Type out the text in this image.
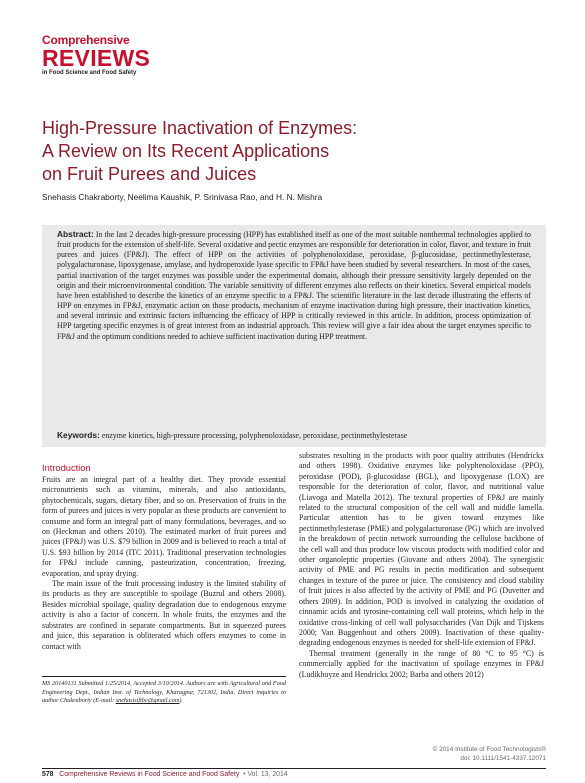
Comprehensive
REVIEWS
in Food Science and Food Safety
High-Pressure Inactivation of Enzymes:
A Review on Its Recent Applications
on Fruit Purees and Juices
Snehasis Chakraborty, Neelima Kaushik, P. Srinivasa Rao, and H. N. Mishra
Abstract: In the last 2 decades high-pressure processing (HPP) has established itself as one of the most suitable nonthermal technologies applied to fruit products for the extension of shelf-life. Several oxidative and pectic enzymes are responsible for deterioration in color, flavor, and texture in fruit purees and juices (FP&J). The effect of HPP on the activities of polyphenoloxidase, peroxidase, β-glucosidase, pectinmethylesterase, polygalacturonase, lipoxygenase, amylase, and hydroperoxide lyase specific to FP&J have been studied by several researchers. In most of the cases, partial inactivation of the target enzymes was possible under the experimental domain, although their pressure sensitivity largely depended on the origin and their microenvironmental condition. The variable sensitivity of different enzymes also reflects on their kinetics. Several empirical models have been established to describe the kinetics of an enzyme specific to a FP&J. The scientific literature in the last decade illustrating the effects of HPP on enzymes in FP&J, enzymatic action on those products, mechanism of enzyme inactivation during high pressure, their inactivation kinetics, and several intrinsic and extrinsic factors influencing the efficacy of HPP is critically reviewed in this article. In addition, process optimization of HPP targeting specific enzymes is of great interest from an industrial approach. This review will give a fair idea about the target enzymes specific to FP&J and the optimum conditions needed to achieve sufficient inactivation during HPP treatment.
Keywords: enzyme kinetics, high-pressure processing, polyphenoloxidase, peroxidase, pectinmethylesterase
Introduction

Fruits are an integral part of a healthy diet. They provide essential micronutrients such as vitamins, minerals, and also antioxidants, phytochemicals, sugars, dietary fiber, and so on. Preservation of fruits in the form of purees and juices is very popular as these products are convenient to consume and form an integral part of many formulations, beverages, and so on (Heckman and others 2010). The estimated market of fruit purees and juices (FP&J) was U.S. $79 billion in 2009 and is believed to reach a total of U.S. $93 billion by 2014 (ITC 2011). Traditional preservation technologies for FP&J include canning, pasteurization, concentration, freezing, evaporation, and spray drying.

The main issue of the fruit processing industry is the limited stability of its products as they are susceptible to spoilage (Buzrul and others 2008). Besides microbial spoilage, quality degradation due to endogenous enzyme activity is also a factor of concern. In whole fruits, the enzymes and the substrates are confined in separate compartments. But in squeezed purees and juice, this separation is obliterated which offers enzymes to come in contact with

substrates resulting in the products with poor quality attributes (Hendrickx and others 1998). Oxidative enzymes like polyphenoloxidase (PPO), peroxidase (POD), β-glucosidase (BGL), and lipoxygenase (LOX) are responsible for the deterioration of color, flavor, and nutritional value (Liavoga and Matella 2012). The textural properties of FP&J are mainly related to the structural composition of the cell wall and middle lamella. Particular attention has to be given toward enzymes like pectinmethylesterase (PME) and polygalacturonase (PG) which are involved in the breakdown of pectin network surrounding the cellulose backbone of the cell wall and thus produce low viscous products with modified color and other organoleptic properties (Giovane and others 2004). The synergistic activity of PME and PG results in pectin modification and subsequent changes in texture of the puree or juice. The consistency and cloud stability of fruit juices is also affected by the activity of PME and PG (Duvetter and others 2009). In addition, POD is involved in catalyzing the oxidation of cinnamic acids and tyrosine-containing cell wall proteins, which help in the oxidative cross-linking of cell wall polysaccharides (Van Dijk and Tijskens 2000; Van Buggenhout and others 2009). Inactivation of these quality-degrading endogenous enzymes is needed for shelf-life extension of FP&J.

Thermal treatment (generally in the range of 80 °C to 95 °C) is commercially applied for the inactivation of spoilage enzymes in FP&J (Ludikhuyze and Hendrickx 2002; Barba and others 2012)

MS 20140131 Submitted 1/25/2014, Accepted 3/10/2014. Authors are with Agricultural and Food Engineering Dept., Indian Inst. of Technology, Kharagpur, 721302, India. Direct inquiries to author Chakraborty (E-mail: snehasisiftbe@gmail.com).
© 2014 Institute of Food Technologists®
doi: 10.1111/1541-4337.12071
578 Comprehensive Reviews in Food Science and Food Safety • Vol. 13, 2014
